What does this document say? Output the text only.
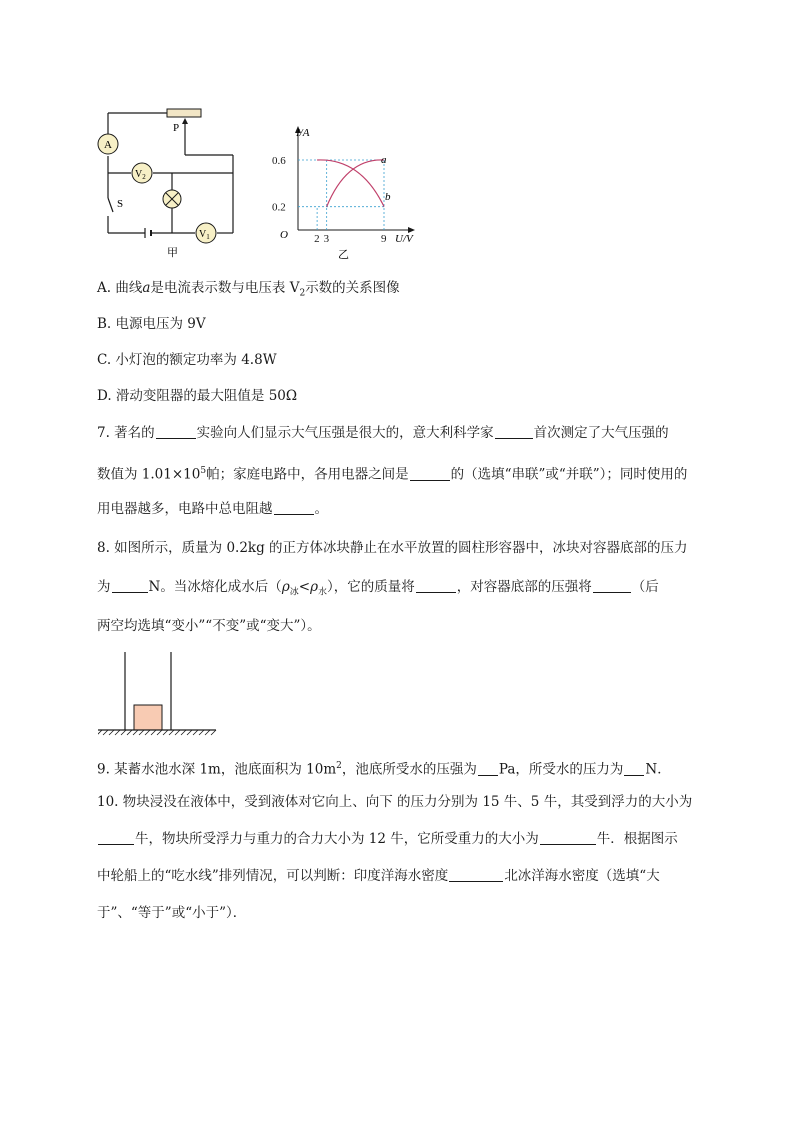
P
A
$V_2$
$V_1$
S
甲
I/A
U/V
O
0.6
0.2
2 3	9
a
b
乙
A. 曲线a是电流表示数与电压表 $V_2$示数的关系图像
B. 电源电压为 9V
C. 小灯泡的额定功率为 4.8W
D. 滑动变阻器的最大阻值是 50Ω
7. 著名的	实验向人们显示大气压强是很大的，意大利科学家	首次测定了大气压强的
数值为 $1.01\times 10^5$帕；家庭电路中，各用电器之间是	的（选填“串联”或“并联”）；同时使用的
用电器越多，电路中总电阻越	。
8. 如图所示，质量为 0.2kg 的正方体冰块静止在水平放置的圆柱形容器中，冰块对容器底部的压力
为	N。当冰熔化成水后$(\rho_冰<\rho_水)$，它的质量将	，对容器底部的压强将	（后
两空均选填“变小”“不变”或“变大”）。
9. 某蓄水池水深 1m，池底面积为 $10m^2$，池底所受水的压强为 Pa，所受水的压力为 N．
10. 物块浸没在液体中，受到液体对它向上、向下 的压力分别为 15 牛、5 牛，其受到浮力的大小为
牛，物块所受浮力与重力的合力大小为 12 牛，它所受重力的大小为	牛．根据图示
中轮船上的“吃水线”排列情况，可以判断：印度洋海水密度	北冰洋海水密度（选填“大
于”、“等于”或“小于”）．
